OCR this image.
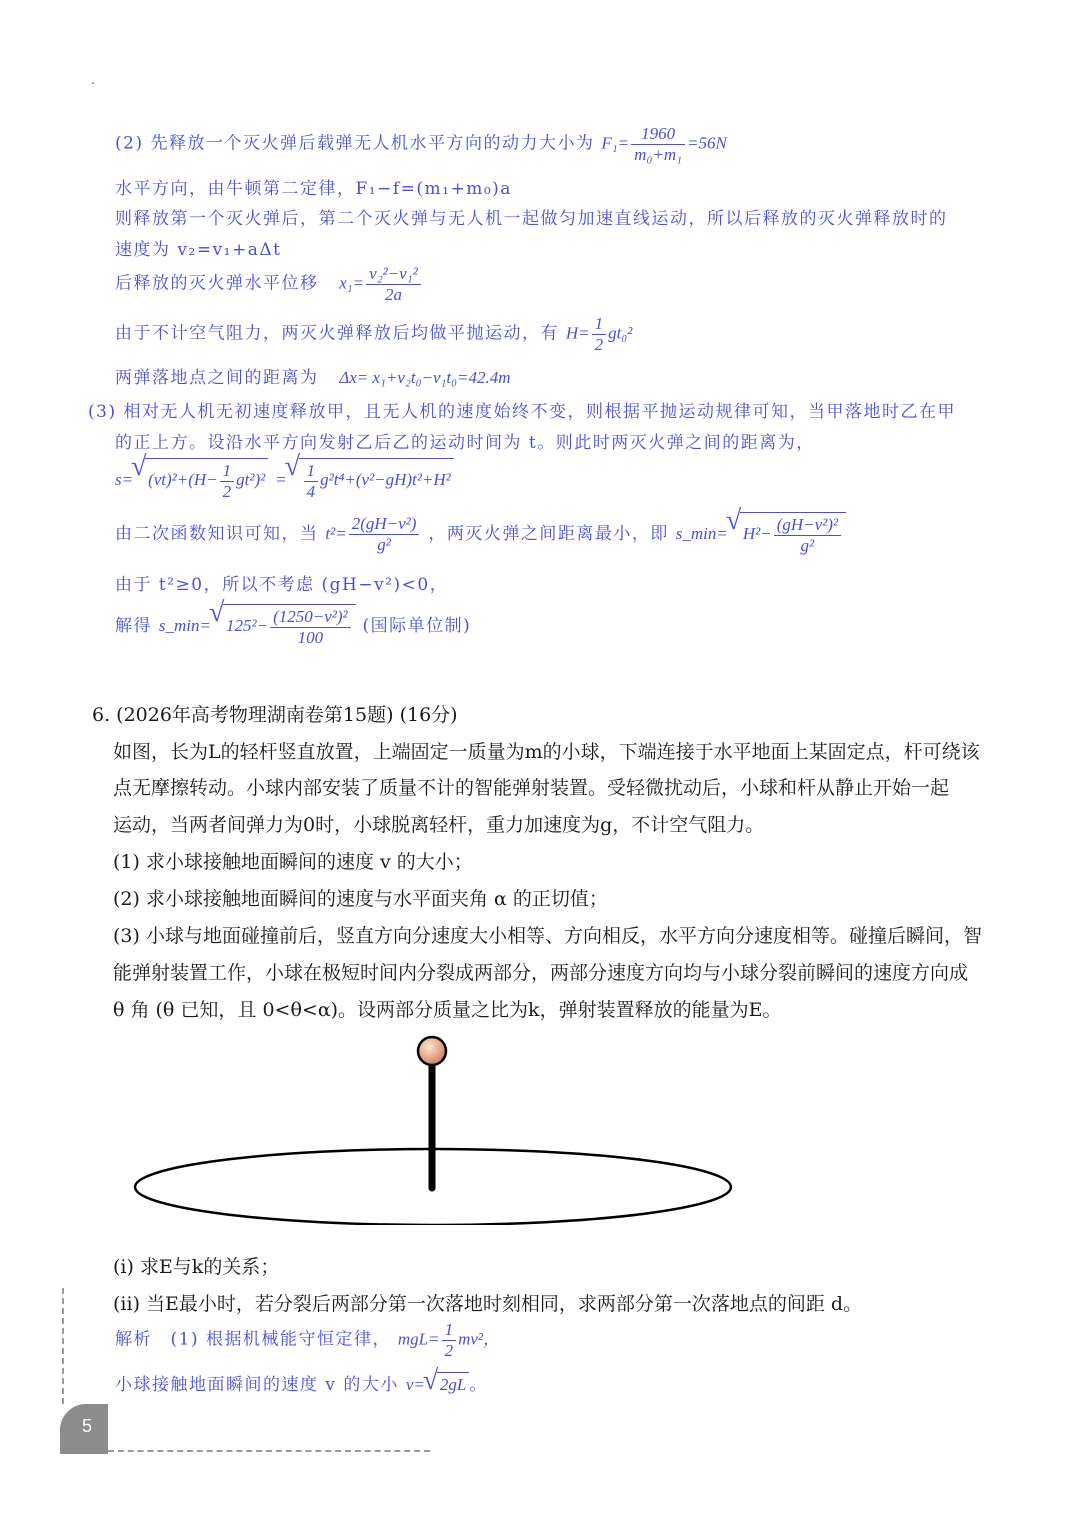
(2) 先释放一个灭火弹后载弹无人机水平方向的动力大小为 $F_1= \frac{1960}{\text{m₀+m₁}} =56N$
水平方向，由牛顿第二定律，F₁−f=(m₁+m₀)a
则释放第一个灭火弹后，第二个灭火弹与无人机一起做匀加速直线运动，所以后释放的灭火弹释放时的
速度为 v₂=v₁+aΔt
后释放的灭火弹水平位移 $x_1= \frac{\text{v₂²−v₁²}}{2a}$
由于不计空气阻力，两灭火弹释放后均做平抛运动，有 $H= \frac{1}{2} gt_0^2$
两弹落地点之间的距离为 Δx= x₁+v₂t₀−v₁t₀=42.4m
(3) 相对无人机无初速度释放甲，且无人机的速度始终不变，则根据平抛运动规律可知，当甲落地时乙在甲
的正上方。设沿水平方向发射乙后乙的运动时间为 t。则此时两灭火弹之间的距离为，
s= √ $(vt)^2+(H- \frac{1}{2} gt^2)^2$ = √ $\frac{1}{4} g^2t^4+(v^2-gH)t^2+H^2$
由二次函数知识可知，当 $t^2= \frac{\text{2(gH−v²)}}{\text{g²}}$ ，两灭火弹之间距离最小，即 s_min= √ $H^2- \frac{\text{(gH−v²)²}}{\text{g²}}$
由于 t²≥0，所以不考虑 (gH−v²)<0，
解得 s_min= √ $125^2- \frac{\text{(1250−v²)²}}{100}$ (国际单位制)
6. (2026年高考物理湖南卷第15题) (16分)
如图，长为L的轻杆竖直放置，上端固定一质量为m的小球，下端连接于水平地面上某固定点，杆可绕该
点无摩擦转动。小球内部安装了质量不计的智能弹射装置。受轻微扰动后，小球和杆从静止开始一起
运动，当两者间弹力为0时，小球脱离轻杆，重力加速度为g，不计空气阻力。
(1) 求小球接触地面瞬间的速度 v 的大小；
(2) 求小球接触地面瞬间的速度与水平面夹角 α 的正切值；
(3) 小球与地面碰撞前后，竖直方向分速度大小相等、方向相反，水平方向分速度相等。碰撞后瞬间，智
能弹射装置工作，小球在极短时间内分裂成两部分，两部分速度方向均与小球分裂前瞬间的速度方向成
θ 角 (θ 已知，且 0<θ<α)。设两部分质量之比为k，弹射装置释放的能量为E。
(i) 求E与k的关系；
(ii) 当E最小时，若分裂后两部分第一次落地时刻相同，求两部分第一次落地点的间距 d。
解析　(1) 根据机械能守恒定律， $mgL= \frac{1}{2} mv^2$，
小球接触地面瞬间的速度 v 的大小 v= √ 2gL 。
5
